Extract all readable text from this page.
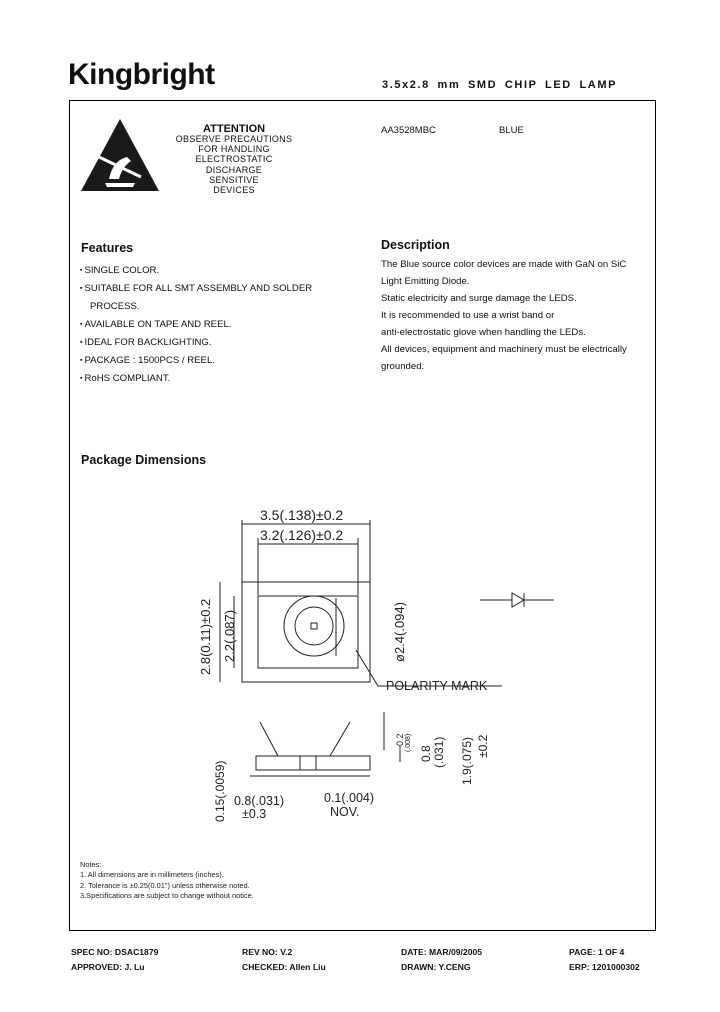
Kingbright	3.5x2.8 mm SMD CHIP LED LAMP
ATTENTION
OBSERVE PRECAUTIONS
FOR HANDLING
ELECTROSTATIC
DISCHARGE
SENSITIVE
DEVICES
AA3528MBC	BLUE
Features
▪ SINGLE COLOR.
▪ SUITABLE FOR ALL SMT ASSEMBLY AND SOLDER
PROCESS.
▪ AVAILABLE ON TAPE AND REEL.
▪ IDEAL FOR BACKLIGHTING.
▪ PACKAGE : 1500PCS / REEL.
▪ RoHS COMPLIANT.
Description
The Blue source color devices are made with GaN on SiC
Light Emitting Diode.
Static electricity and surge damage the LEDS.
It is recommended to use a wrist band or
anti-electrostatic glove when handling the LEDs.
All devices, equipment and machinery must be electrically
grounded.
Package Dimensions
3.5(.138)±0.2
3.2(.126)±0.2
2.8(0.11)±0.2 2.2(.087)	ø2.4(.094)
POLARITY MARK
0.15(.0059) 0.8(.031)
±0.3
0.1(.004)
NOV.
0.2 (.008)
0.8 (.031) 1.9(.075) ±0.2
Notes:
1. All dimensions are in millimeters (inches).
2. Tolerance is ±0.25(0.01") unless otherwise noted.
3.Specifications are subject to change without notice.
SPEC NO: DSAC1879	REV NO: V.2	DATE: MAR/09/2005	PAGE: 1 OF 4
APPROVED: J. Lu	CHECKED: Allen Liu	DRAWN: Y.CENG	ERP: 1201000302
